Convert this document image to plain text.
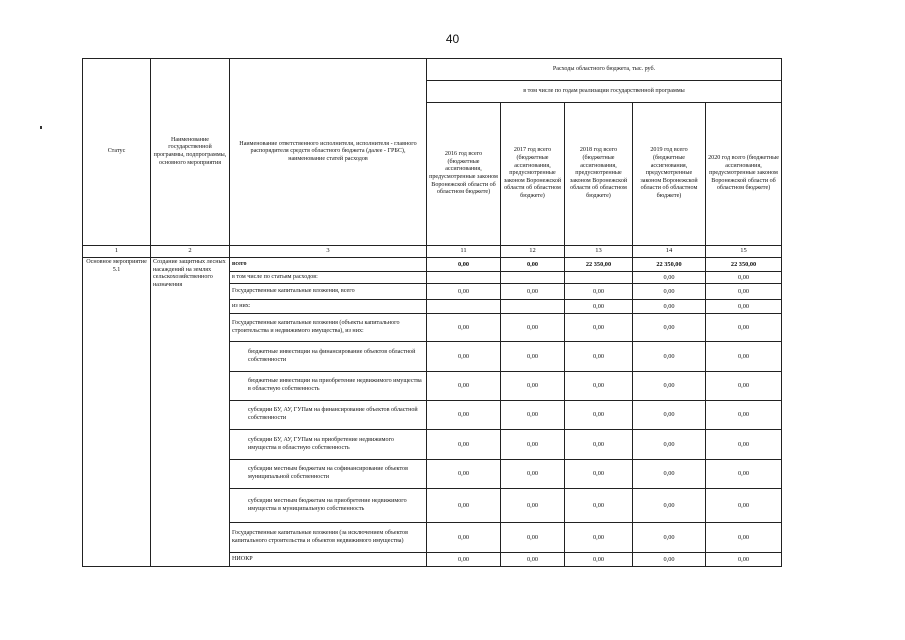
40
Статус	Наименование государственной программы, подпрограммы, основного мероприятия	Наименование ответственного исполнителя, исполнителя - главного распорядителя средств областного бюджета (далее - ГРБС), наименование статей расходов	Расходы областного бюджета, тыс. руб.				
			в том числе по годам реализации государственной программы				
			2016 год всего (бюджетные ассигнования, предусмотренные законом Воронежской области об областном бюджете)	2017 год всего (бюджетные ассигнования, предусмотренные законом Воронежской области об областном бюджете)	2018 год всего (бюджетные ассигнования, предусмотренные законом Воронежской области об областном бюджете)	2019 год всего (бюджетные ассигнования, предусмотренные законом Воронежской области об областном бюджете)	2020 год всего (бюджетные ассигнования, предусмотренные законом Воронежской области об областном бюджете)
1	2	3	11	12	13	14	15
Основное мероприятие 5.1	Создание защитных лесных насаждений на землях сельскохозяйственного назначения	всего	0,00	0,00	22 350,00	22 350,00	22 350,00
		в том числе по статьям расходов:				0,00	0,00
		Государственные капитальные вложения, всего	0,00	0,00	0,00	0,00	0,00
		из них:			0,00	0,00	0,00
		Государственные капитальные вложения (объекты капитального строительства и недвижимого имущества), из них:	0,00	0,00	0,00	0,00	0,00
		бюджетные инвестиции на финансирование объектов областной собственности	0,00	0,00	0,00	0,00	0,00
		бюджетные инвестиции на приобретение недвижимого имущества в областную собственность	0,00	0,00	0,00	0,00	0,00
		субсидии БУ, АУ, ГУПам на финансирование объектов областной собственности	0,00	0,00	0,00	0,00	0,00
		субсидии БУ, АУ, ГУПам на приобретение недвижимого имущества в областную собственность	0,00	0,00	0,00	0,00	0,00
		субсидии местным бюджетам на софинансирование объектов муниципальной собственности	0,00	0,00	0,00	0,00	0,00
		субсидии местным бюджетам на приобретение недвижимого имущества в муниципальную собственность	0,00	0,00	0,00	0,00	0,00
		Государственные капитальные вложения (за исключением объектов капитального строительства и объектов недвижимого имущества)	0,00	0,00	0,00	0,00	0,00
		НИОКР	0,00	0,00	0,00	0,00	0,00
